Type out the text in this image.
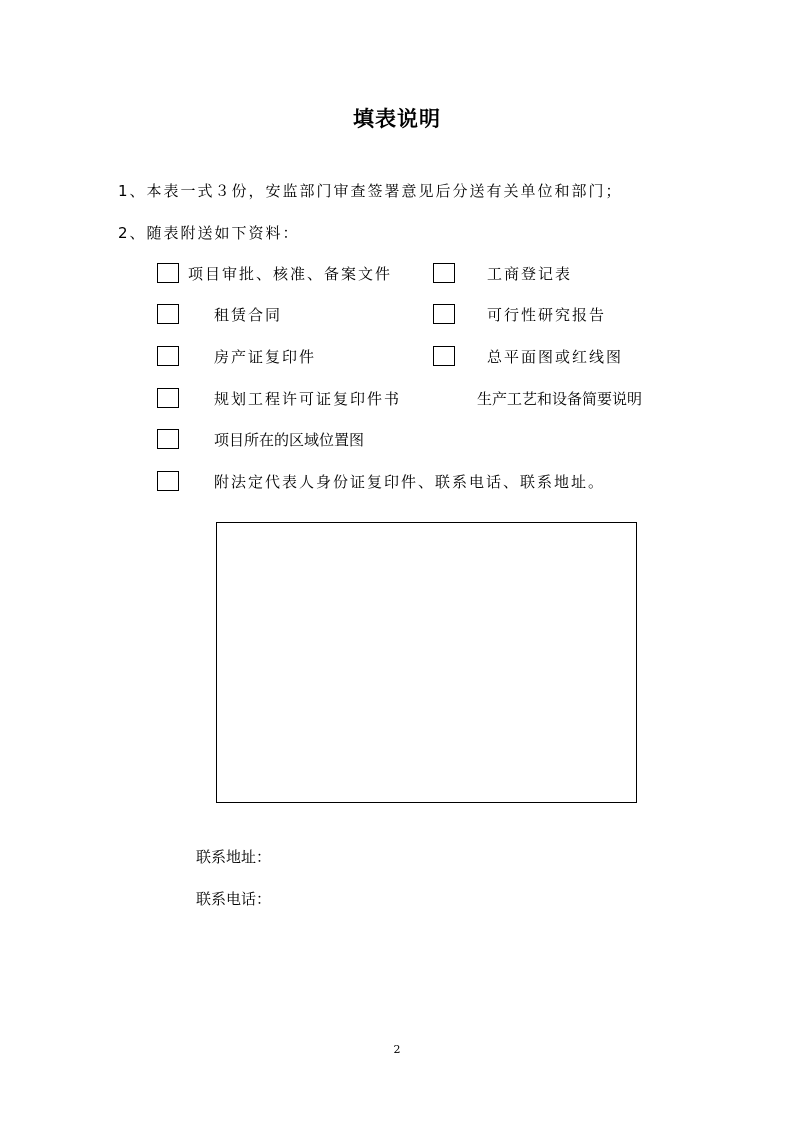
填表说明
1、本表一式３份，安监部门审查签署意见后分送有关单位和部门；
2、随表附送如下资料：
项目审批、核准、备案文件	工商登记表
租赁合同	可行性研究报告
房产证复印件	总平面图或红线图
规划工程许可证复印件书	生产工艺和设备简要说明
项目所在的区域位置图
附法定代表人身份证复印件、联系电话、联系地址。
联系地址：
联系电话：
2
